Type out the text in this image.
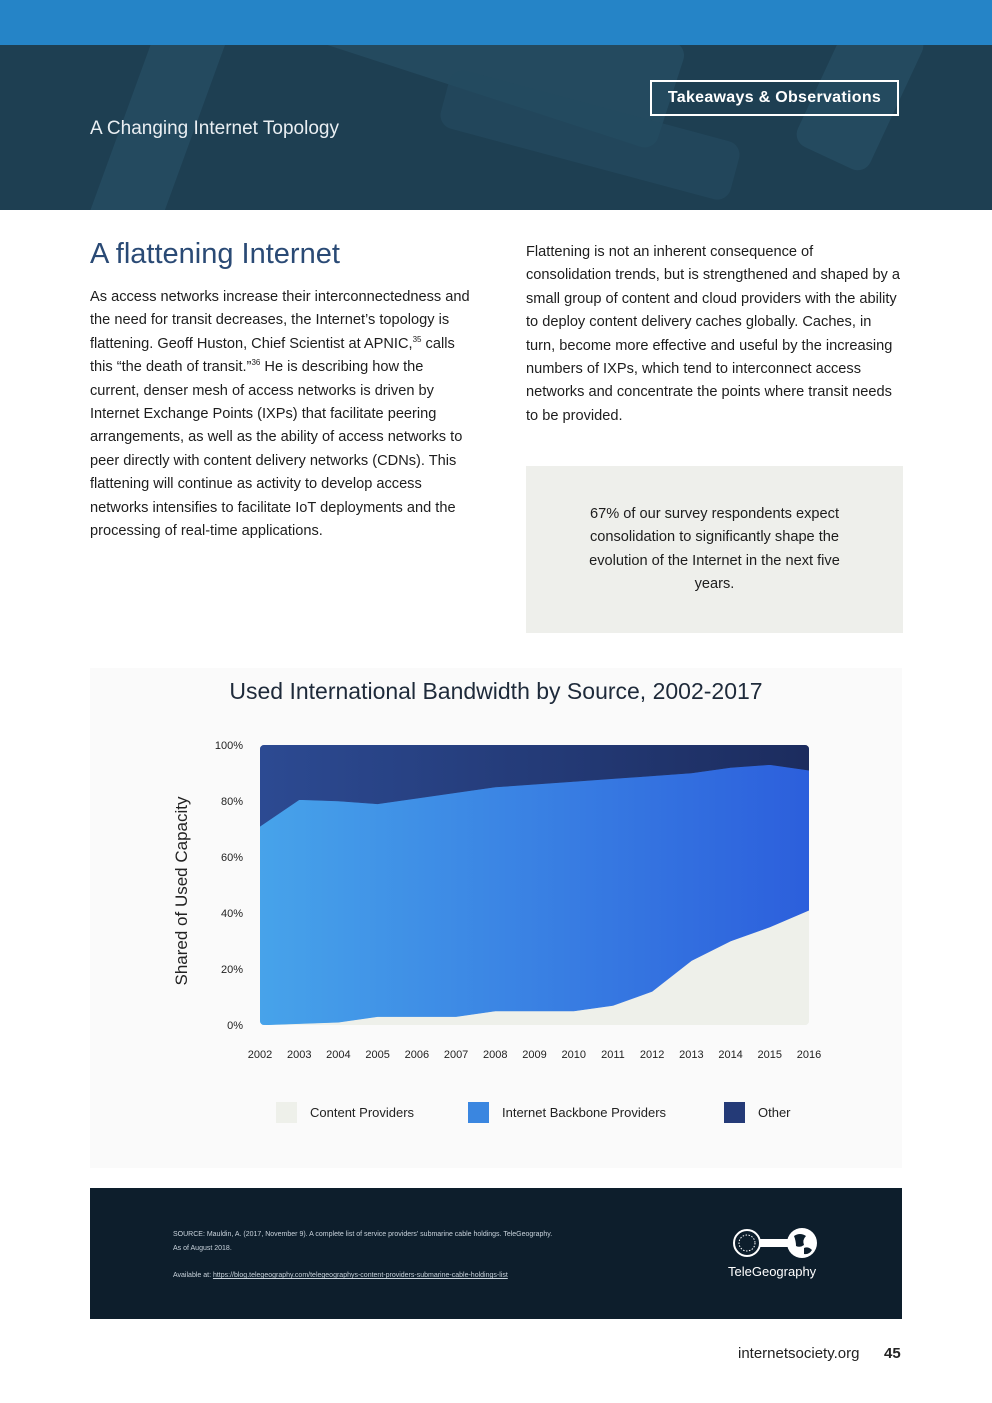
A Changing Internet Topology
Takeaways & Observations
A flattening Internet
As access networks increase their interconnectedness and the need for transit decreases, the Internet’s topology is flattening. Geoff Huston, Chief Scientist at APNIC,$^{35}$ calls this “the death of transit.”$^{36}$ He is describing how the current, denser mesh of access networks is driven by Internet Exchange Points (IXPs) that facilitate peering arrangements, as well as the ability of access networks to peer directly with content delivery networks (CDNs). This flattening will continue as activity to develop access networks intensifies to facilitate IoT deployments and the processing of real-time applications.
Flattening is not an inherent consequence of consolidation trends, but is strengthened and shaped by a small group of content and cloud providers with the ability to deploy content delivery caches globally. Caches, in turn, become more effective and useful by the increasing numbers of IXPs, which tend to interconnect access networks and concentrate the points where transit needs to be provided.

67% of our survey respondents expect consolidation to significantly shape the evolution of the Internet in the next five years.

Used International Bandwidth by Source, 2002-2017
Shared of Used Capacity
0%
20%
40%
60%
80%
100%
2002 2003 2004 2005 2006 2007 2008 2009 2010 2011 2012 2013 2014 2015 2016
Content Providers	Internet Backbone Providers	Other
SOURCE: Mauldin, A. (2017, November 9). A complete list of service providers’ submarine cable holdings. TeleGeography.
As of August 2018.
Available at: https://blog.telegeography.com/telegeographys-content-providers-submarine-cable-holdings-list	TeleGeography
internetsociety.org 45
